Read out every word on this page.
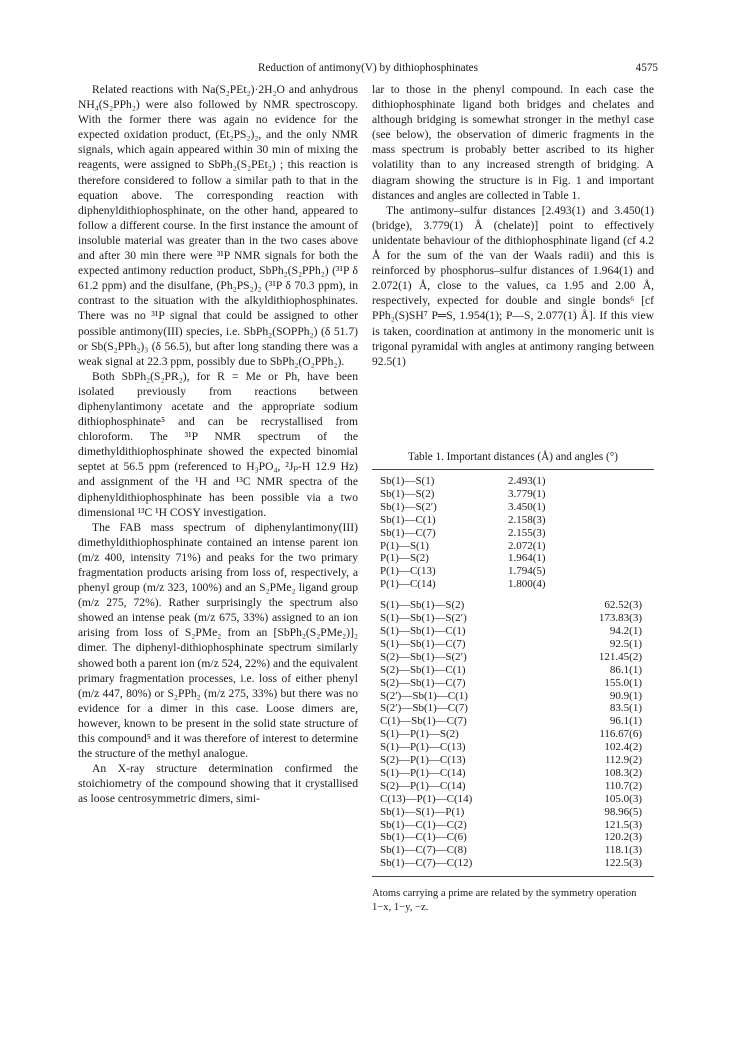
Reduction of antimony(V) by dithiophosphinates	4575

Related reactions with Na(S₂PEt₂)·2H₂O and anhydrous NH₄(S₂PPh₂) were also followed by NMR spectroscopy. With the former there was again no evidence for the expected oxidation product, (Et₂PS₂)₂, and the only NMR signals, which again appeared within 30 min of mixing the reagents, were assigned to SbPh₂(S₂PEt₂) ; this reaction is therefore considered to follow a similar path to that in the equation above. The corresponding reaction with diphenyldithiophosphinate, on the other hand, appeared to follow a different course. In the first instance the amount of insoluble material was greater than in the two cases above and after 30 min there were ³¹P NMR signals for both the expected antimony reduction product, SbPh₂(S₂PPh₂) (³¹P δ 61.2 ppm) and the disulfane, (Ph₂PS₂)₂ (³¹P δ 70.3 ppm), in contrast to the situation with the alkyldithiophosphinates. There was no ³¹P signal that could be assigned to other possible antimony(III) species, i.e. SbPh₂(SOPPh₂) (δ 51.7) or Sb(S₂PPh₂)₃ (δ 56.5), but after long standing there was a weak signal at 22.3 ppm, possibly due to SbPh₂(O₂PPh₂).

Both SbPh₂(S₂PR₂), for R = Me or Ph, have been isolated previously from reactions between diphenylantimony acetate and the appropriate sodium dithiophosphinate⁵ and can be recrystallised from chloroform. The ³¹P NMR spectrum of the dimethyldithiophosphinate showed the expected binomial septet at 56.5 ppm (referenced to H₃PO₄, ²Jₚ-H 12.9 Hz) and assignment of the ¹H and ¹³C NMR spectra of the diphenyldithiophosphinate has been possible via a two dimensional ¹³C ¹H COSY investigation.

The FAB mass spectrum of diphenylantimony(III) dimethyldithiophosphinate contained an intense parent ion (m/z 400, intensity 71%) and peaks for the two primary fragmentation products arising from loss of, respectively, a phenyl group (m/z 323, 100%) and an S₂PMe₂ ligand group (m/z 275, 72%). Rather surprisingly the spectrum also showed an intense peak (m/z 675, 33%) assigned to an ion arising from loss of S₂PMe₂ from an [SbPh₂(S₂PMe₂)]₂ dimer. The diphenyl-dithiophosphinate spectrum similarly showed both a parent ion (m/z 524, 22%) and the equivalent primary fragmentation processes, i.e. loss of either phenyl (m/z 447, 80%) or S₂PPh₂ (m/z 275, 33%) but there was no evidence for a dimer in this case. Loose dimers are, however, known to be present in the solid state structure of this compound⁵ and it was therefore of interest to determine the structure of the methyl analogue.

An X-ray structure determination confirmed the stoichiometry of the compound showing that it crystallised as loose centrosymmetric dimers, simi-

lar to those in the phenyl compound. In each case the dithiophosphinate ligand both bridges and chelates and although bridging is somewhat stronger in the methyl case (see below), the observation of dimeric fragments in the mass spectrum is probably better ascribed to its higher volatility than to any increased strength of bridging. A diagram showing the structure is in Fig. 1 and important distances and angles are collected in Table 1.

The antimony–sulfur distances [2.493(1) and 3.450(1) (bridge), 3.779(1) Å (chelate)] point to effectively unidentate behaviour of the dithiophosphinate ligand (cf 4.2 Å for the sum of the van der Waals radii) and this is reinforced by phosphorus–sulfur distances of 1.964(1) and 2.072(1) Å, close to the values, ca 1.95 and 2.00 Å, respectively, expected for double and single bonds⁶ [cf PPh₂(S)SH⁷ P═S, 1.954(1); P—S, 2.077(1) Å]. If this view is taken, coordination at antimony in the monomeric unit is trigonal pyramidal with angles at antimony ranging between 92.5(1)

Table 1. Important distances (Å) and angles (°)

Sb(1)—S(1)	2.493(1)
Sb(1)—S(2)	3.779(1)
Sb(1)—S(2′)	3.450(1)
Sb(1)—C(1)	2.158(3)
Sb(1)—C(7)	2.155(3)
P(1)—S(1)	2.072(1)
P(1)—S(2)	1.964(1)
P(1)—C(13)	1.794(5)
P(1)—C(14)	1.800(4)
S(1)—Sb(1)—S(2)	62.52(3)
S(1)—Sb(1)—S(2′)	173.83(3)
S(1)—Sb(1)—C(1)	94.2(1)
S(1)—Sb(1)—C(7)	92.5(1)
S(2)—Sb(1)—S(2′)	121.45(2)
S(2)—Sb(1)—C(1)	86.1(1)
S(2)—Sb(1)—C(7)	155.0(1)
S(2′)—Sb(1)—C(1)	90.9(1)
S(2′)—Sb(1)—C(7)	83.5(1)
C(1)—Sb(1)—C(7)	96.1(1)
S(1)—P(1)—S(2)	116.67(6)
S(1)—P(1)—C(13)	102.4(2)
S(2)—P(1)—C(13)	112.9(2)
S(1)—P(1)—C(14)	108.3(2)
S(2)—P(1)—C(14)	110.7(2)
C(13)—P(1)—C(14)	105.0(3)
Sb(1)—S(1)—P(1)	98.96(5)
Sb(1)—C(1)—C(2)	121.5(3)
Sb(1)—C(1)—C(6)	120.2(3)
Sb(1)—C(7)—C(8)	118.1(3)
Sb(1)—C(7)—C(12)	122.5(3)
Atoms carrying a prime are related by the symmetry operation 1−x, 1−y, −z.
